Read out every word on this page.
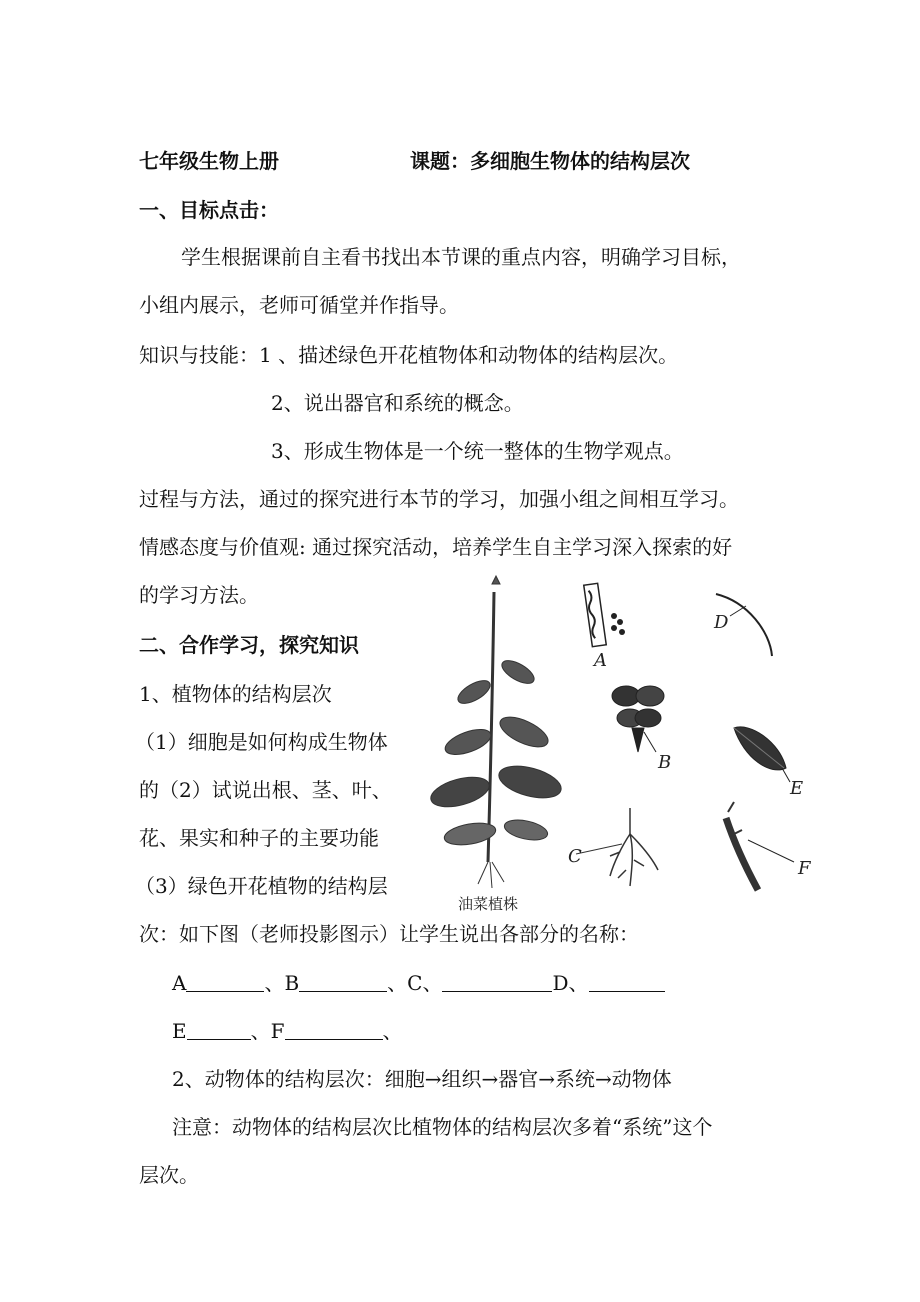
七年级生物上册	课题：多细胞生物体的结构层次
一、目标点击：
学生根据课前自主看书找出本节课的重点内容，明确学习目标，
小组内展示，老师可循堂并作指导。
知识与技能：1 、描述绿色开花植物体和动物体的结构层次。
2、说出器官和系统的概念。
3、形成生物体是一个统一整体的生物学观点。
过程与方法，通过的探究进行本节的学习，加强小组之间相互学习。
情感态度与价值观: 通过探究活动，培养学生自主学习深入探索的好
的学习方法。
二、合作学习，探究知识
1、植物体的结构层次
（1）细胞是如何构成生物体
的（2）试说出根、茎、叶、
花、果实和种子的主要功能
（3）绿色开花植物的结构层
次：如下图（老师投影图示）让学生说出各部分的名称：
A	、B	、C、	D、
E	、F	、
2、动物体的结构层次：细胞→组织→器官→系统→动物体
注意：动物体的结构层次比植物体的结构层次多着“系统”这个
层次。
油菜植株
A
D
B
E
C
F
